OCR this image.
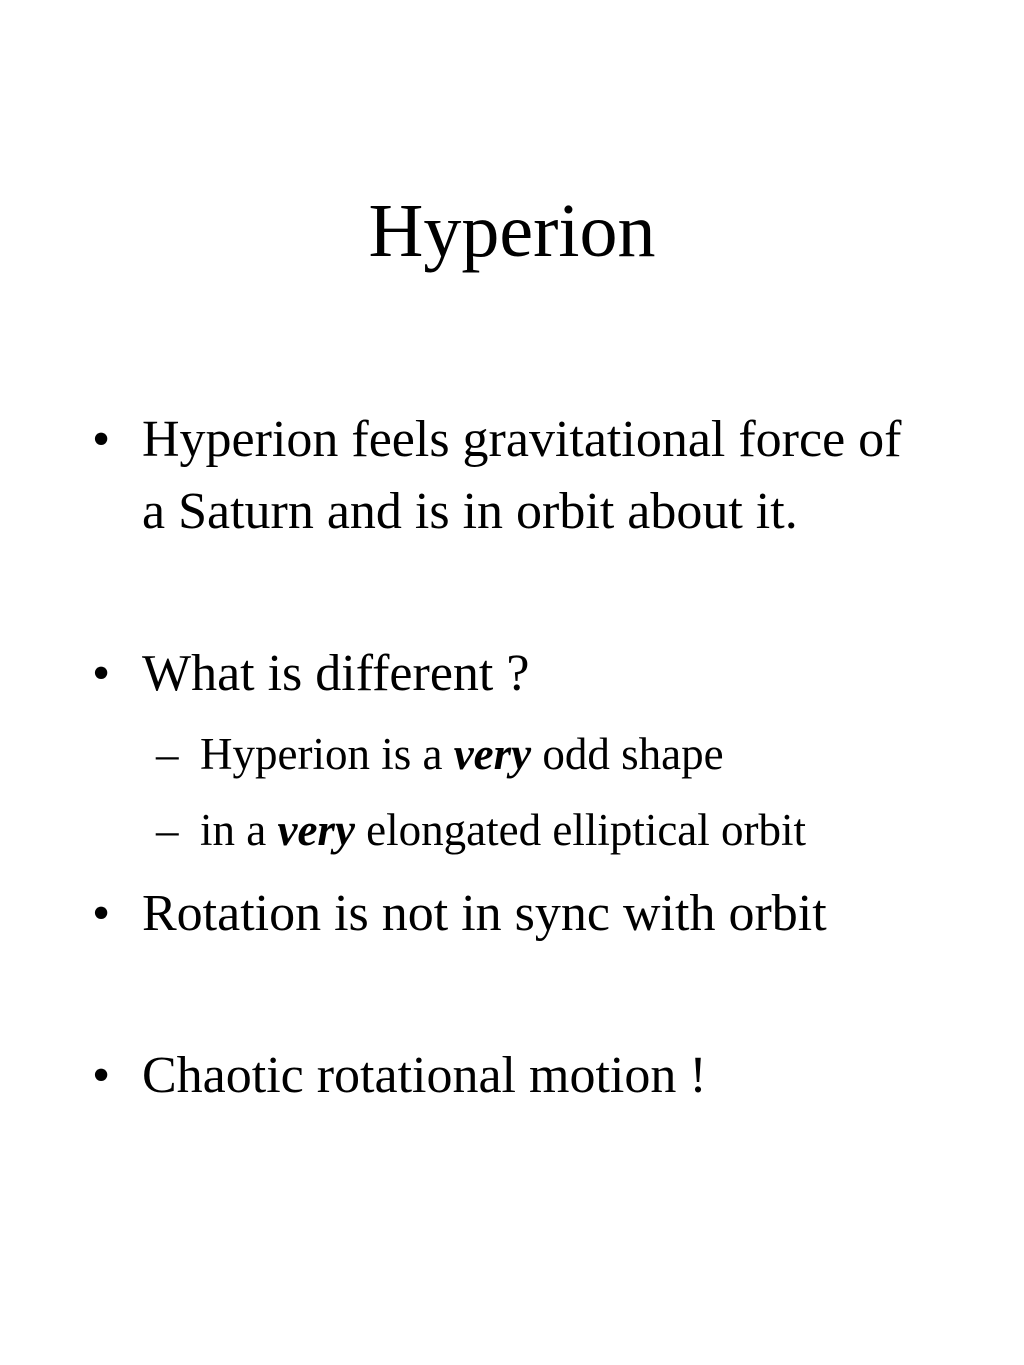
Hyperion
• Hyperion feels gravitational force of a Saturn and is in orbit about it.
• What is different ?
– Hyperion is a very odd shape
– in a very elongated elliptical orbit
• Rotation is not in sync with orbit
• Chaotic rotational motion !
